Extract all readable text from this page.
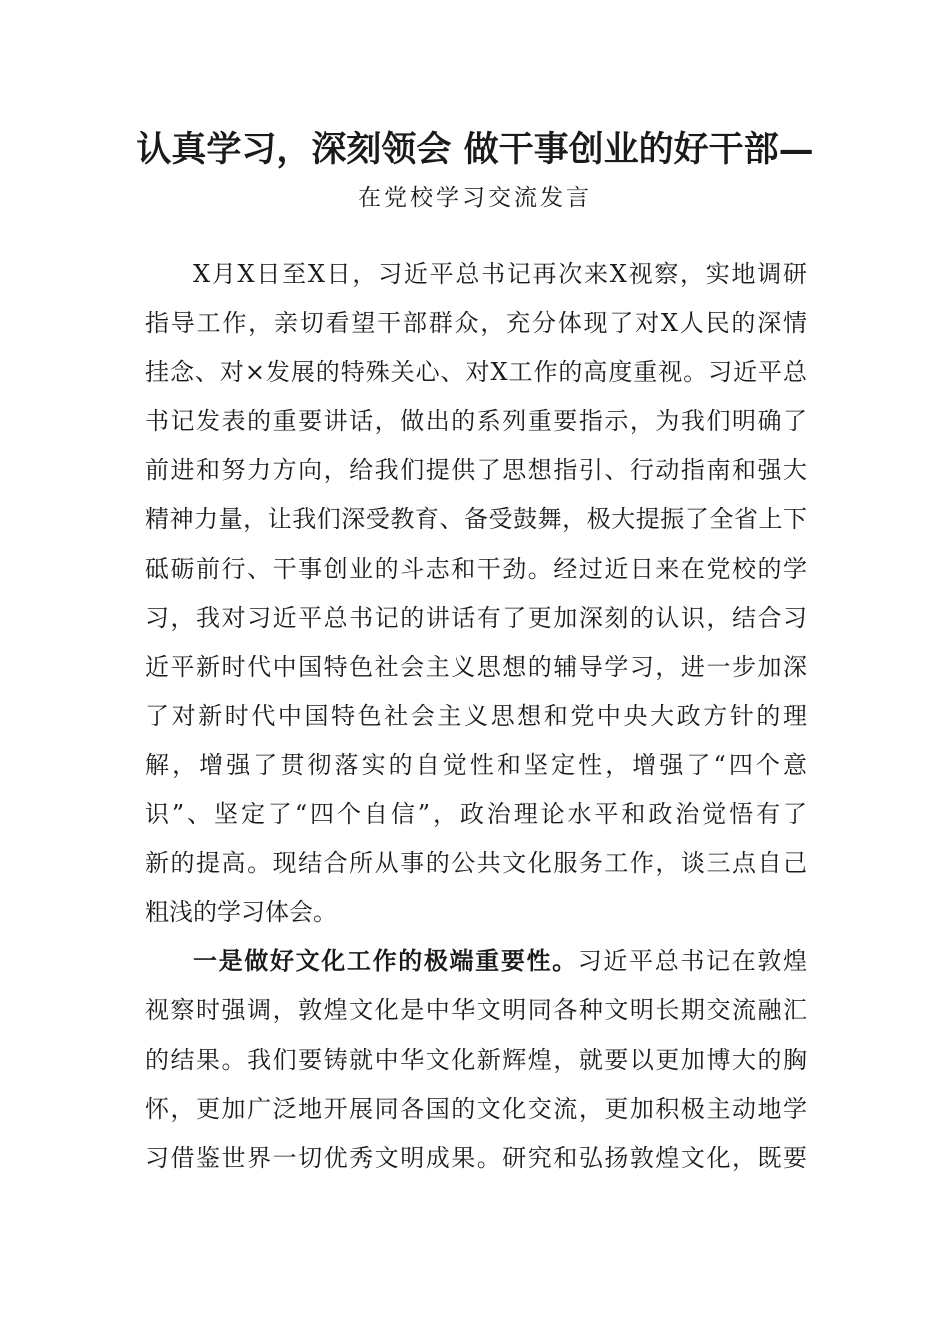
认真学习，深刻领会 做干事创业的好干部—
在党校学习交流发言
X月X日至X日，习近平总书记再次来X视察，实地调研
指导工作，亲切看望干部群众，充分体现了对X人民的深情
挂念、对×发展的特殊关心、对X工作的高度重视。习近平总
书记发表的重要讲话，做出的系列重要指示，为我们明确了
前进和努力方向，给我们提供了思想指引、行动指南和强大
精神力量，让我们深受教育、备受鼓舞，极大提振了全省上下
砥砺前行、干事创业的斗志和干劲。经过近日来在党校的学
习，我对习近平总书记的讲话有了更加深刻的认识，结合习
近平新时代中国特色社会主义思想的辅导学习，进一步加深
了对新时代中国特色社会主义思想和党中央大政方针的理
解，增强了贯彻落实的自觉性和坚定性，增强了“四个意
识”、坚定了“四个自信”，政治理论水平和政治觉悟有了
新的提高。现结合所从事的公共文化服务工作，谈三点自己
粗浅的学习体会。
一是做好文化工作的极端重要性。习近平总书记在敦煌
视察时强调，敦煌文化是中华文明同各种文明长期交流融汇
的结果。我们要铸就中华文化新辉煌，就要以更加博大的胸
怀，更加广泛地开展同各国的文化交流，更加积极主动地学
习借鉴世界一切优秀文明成果。研究和弘扬敦煌文化，既要
